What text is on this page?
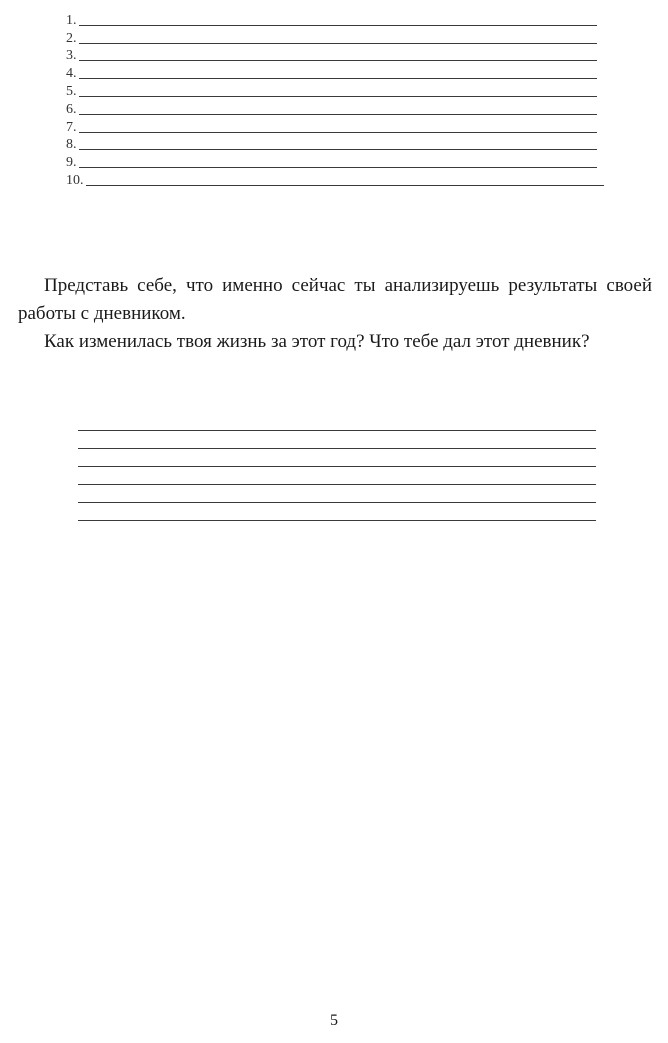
1.
2.
3.
4.
5.
6.
7.
8.
9.
10.

Представь себе, что именно сейчас ты анализируешь результаты своей работы с дневником.

Как изменилась твоя жизнь за этот год? Что тебе дал этот дневник?

5
